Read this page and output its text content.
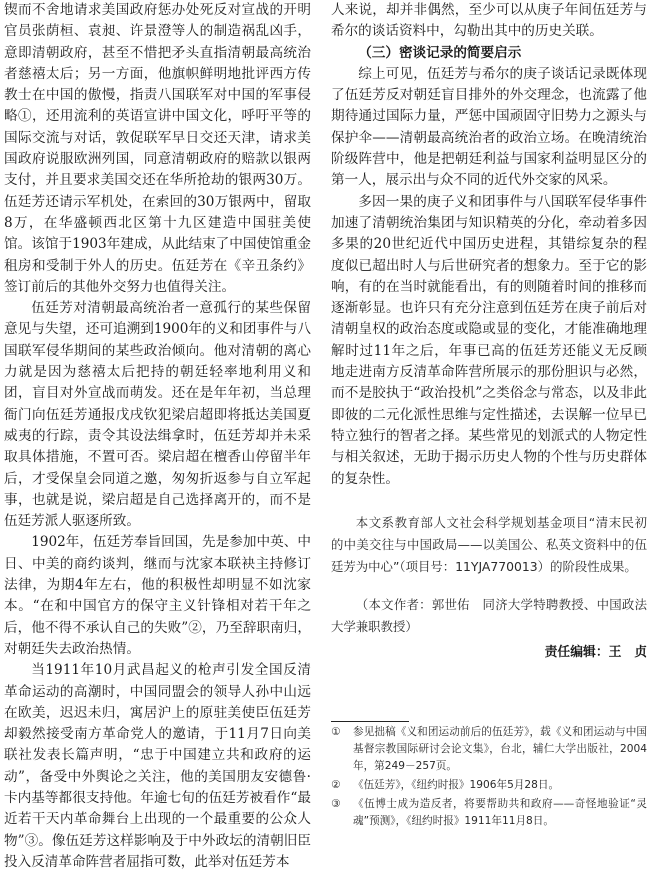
锲而不舍地请求美国政府惩办处死反对宣战的开明官员张荫桓、袁昶、许景澄等人的制造祸乱凶手，意即清朝政府，甚至不惜把矛头直指清朝最高统治者慈禧太后；另一方面，他旗帜鲜明地批评西方传教士在中国的傲慢，指责八国联军对中国的军事侵略①，还用流利的英语宣讲中国文化，呼吁平等的国际交流与对话，敦促联军早日交还天津，请求美国政府说服欧洲列国，同意清朝政府的赔款以银两支付，并且要求美国交还在华所抢劫的银两30万。伍廷芳还请示军机处，在索回的30万银两中，留取8万，在华盛顿西北区第十九区建造中国驻美使馆。该馆于1903年建成，从此结束了中国使馆重金租房和受制于外人的历史。伍廷芳在《辛丑条约》签订前后的其他外交努力也值得关注。

伍廷芳对清朝最高统治者一意孤行的某些保留意见与失望，还可追溯到1900年的义和团事件与八国联军侵华期间的某些政治倾向。他对清朝的离心力就是因为慈禧太后把持的朝廷轻率地利用义和团，盲目对外宣战而萌发。还在是年年初，当总理衙门向伍廷芳通报戊戌钦犯梁启超即将抵达美国夏威夷的行踪，责令其设法缉拿时，伍廷芳却并未采取具体措施，不置可否。梁启超在檀香山停留半年后，才受保皇会同道之邀，匆匆折返参与自立军起事，也就是说，梁启超是自己选择离开的，而不是伍廷芳派人驱逐所致。

1902年，伍廷芳奉旨回国，先是参加中英、中日、中美的商约谈判，继而与沈家本联袂主持修订法律，为期4年左右，他的积极性却明显不如沈家本。“在和中国官方的保守主义针锋相对若干年之后，他不得不承认自己的失败”②，乃至辞职南归，对朝廷失去政治热情。

当1911年10月武昌起义的枪声引发全国反清革命运动的高潮时，中国同盟会的领导人孙中山远在欧美，迟迟未归，寓居沪上的原驻美使臣伍廷芳却毅然接受南方革命党人的邀请，于11月7日向美联社发表长篇声明，“忠于中国建立共和政府的运动”，备受中外舆论之关注，他的美国朋友安德鲁·卡内基等都很支持他。年逾七旬的伍廷芳被看作“最近若干天内革命舞台上出现的一个最重要的公众人物”③。像伍廷芳这样影响及于中外政坛的清朝旧臣投入反清革命阵营者屈指可数，此举对伍廷芳本

人来说，却并非偶然，至少可以从庚子年间伍廷芳与希尔的谈话资料中，勾勒出其中的历史关联。

（三）密谈记录的简要启示

综上可见，伍廷芳与希尔的庚子谈话记录既体现了伍廷芳反对朝廷盲目排外的外交理念，也流露了他期待通过国际力量，严惩中国顽固守旧势力之源头与保护伞——清朝最高统治者的政治立场。在晚清统治阶级阵营中，他是把朝廷利益与国家利益明显区分的第一人，展示出与众不同的近代外交家的风采。

多因一果的庚子义和团事件与八国联军侵华事件加速了清朝统治集团与知识精英的分化，牵动着多因多果的20世纪近代中国历史进程，其错综复杂的程度似已超出时人与后世研究者的想象力。至于它的影响，有的在当时就能看出，有的则随着时间的推移而逐渐彰显。也许只有充分注意到伍廷芳在庚子前后对清朝皇权的政治态度或隐或显的变化，才能准确地理解时过11年之后，年事已高的伍廷芳还能义无反顾地走进南方反清革命阵营所展示的那份胆识与必然，而不是胶执于“政治投机”之类俗念与常态，以及非此即彼的二元化派性思维与定性描述，去误解一位早已特立独行的智者之择。某些常见的划派式的人物定性与相关叙述，无助于揭示历史人物的个性与历史群体的复杂性。

本文系教育部人文社会科学规划基金项目“清末民初的中美交往与中国政局——以美国公、私英文资料中的伍廷芳为中心”（项目号：11YJA770013）的阶段性成果。

（本文作者：郭世佑　同济大学特聘教授、中国政法大学兼职教授）

责任编辑：王　贞

①	参见拙稿《义和团运动前后的伍廷芳》，载《义和团运动与中国基督宗教国际研讨会论文集》，台北，辅仁大学出版社，2004年，第249－257页。
②	《伍廷芳》，《纽约时报》1906年5月28日。
③	《伍博士成为造反者，将要帮助共和政府——奇怪地验证“灵魂”预测》，《纽约时报》1911年11月8日。
